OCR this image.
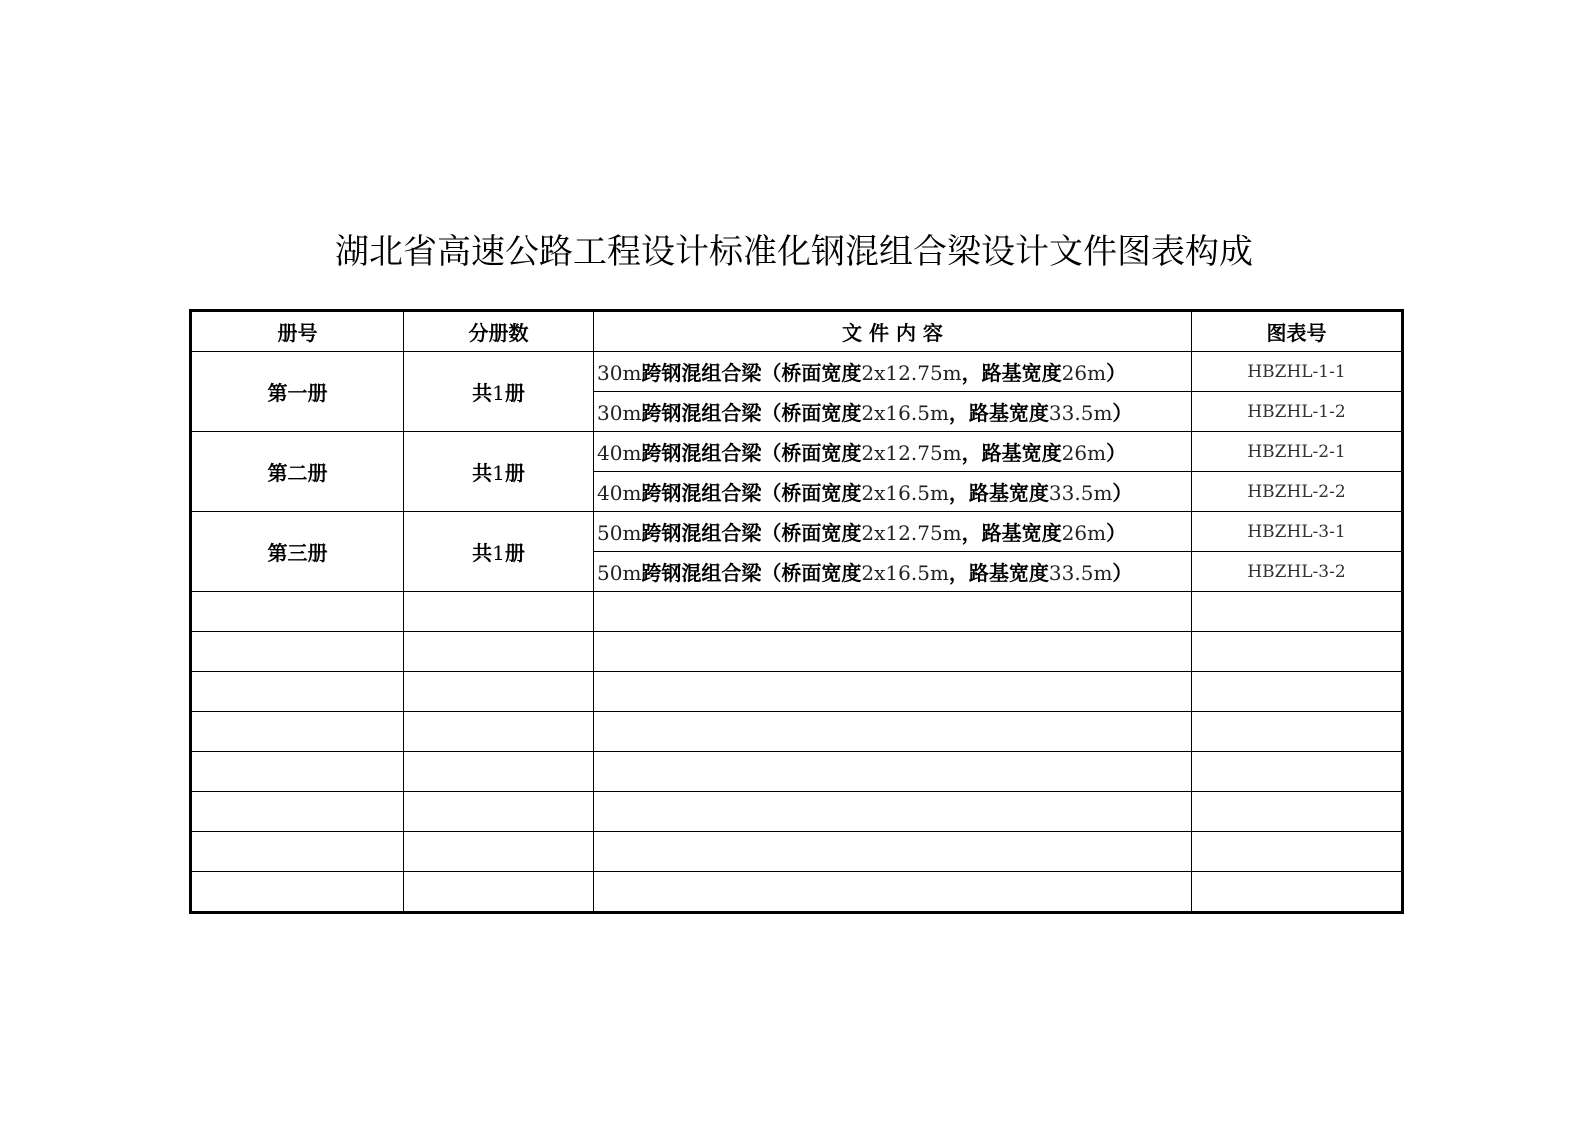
湖北省高速公路工程设计标准化钢混组合梁设计文件图表构成
册号	分册数	文 件 内 容	图表号
第一册	共1册	30m跨钢混组合梁（桥面宽度2x12.75m，路基宽度26m）	HBZHL-1-1
		30m跨钢混组合梁（桥面宽度2x16.5m，路基宽度33.5m）	HBZHL-1-2
第二册	共1册	40m跨钢混组合梁（桥面宽度2x12.75m，路基宽度26m）	HBZHL-2-1
		40m跨钢混组合梁（桥面宽度2x16.5m，路基宽度33.5m）	HBZHL-2-2
第三册	共1册	50m跨钢混组合梁（桥面宽度2x12.75m，路基宽度26m）	HBZHL-3-1
		50m跨钢混组合梁（桥面宽度2x16.5m，路基宽度33.5m）	HBZHL-3-2
